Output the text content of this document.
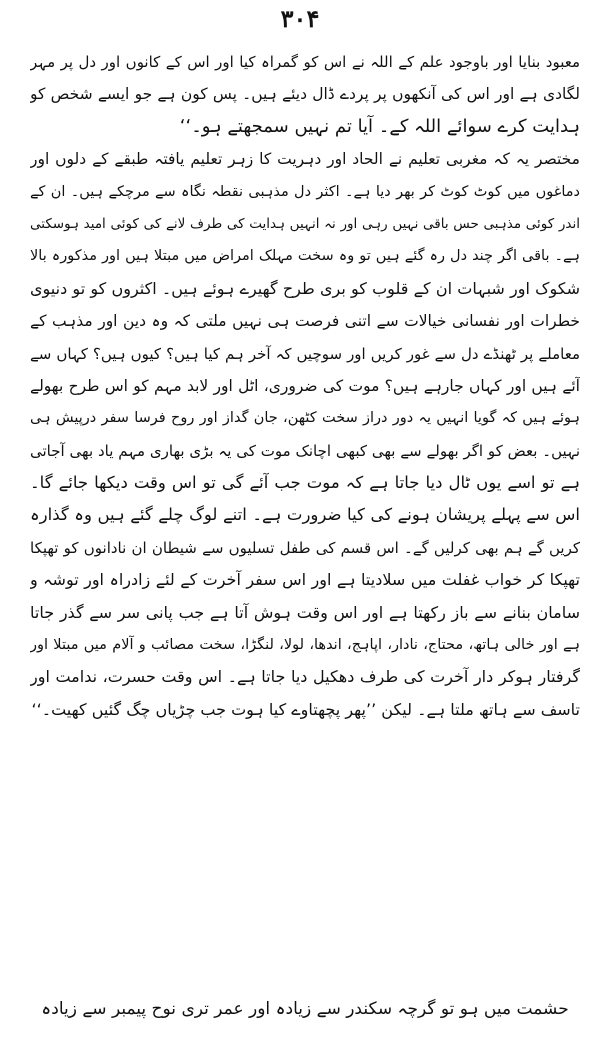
۳۰۴
معبود بنایا اور باوجود علم کے اللہ نے اس کو گمراہ کیا اور اس کے کانوں اور دل پر مہر
لگادی ہے اور اس کی آنکھوں پر پردے ڈال دیئے ہیں۔ پس کون ہے جو ایسے شخص کو
ہدایت کرے سوائے اللہ کے۔ آیا تم نہیں سمجھتے ہو۔‘‘
مختصر یہ کہ مغربی تعلیم نے الحاد اور دہریت کا زہر تعلیم یافتہ طبقے کے دلوں اور
دماغوں میں کوٹ کوٹ کر بھر دیا ہے۔ اکثر دل مذہبی نقطہ نگاہ سے مرچکے ہیں۔ ان کے
اندر کوئی مذہبی حس باقی نہیں رہی اور نہ انہیں ہدایت کی طرف لانے کی کوئی امید ہوسکتی
ہے۔ باقی اگر چند دل رہ گئے ہیں تو وہ سخت مہلک امراض میں مبتلا ہیں اور مذکورہ بالا
شکوک اور شبہات ان کے قلوب کو بری طرح گھیرے ہوئے ہیں۔ اکثروں کو تو دنیوی
خطرات اور نفسانی خیالات سے اتنی فرصت ہی نہیں ملتی کہ وہ دین اور مذہب کے
معاملے پر ٹھنڈے دل سے غور کریں اور سوچیں کہ آخر ہم کیا ہیں؟ کیوں ہیں؟ کہاں سے
آئے ہیں اور کہاں جارہے ہیں؟ موت کی ضروری، اٹل اور لابد مہم کو اس طرح بھولے
ہوئے ہیں کہ گویا انہیں یہ دور دراز سخت کٹھن، جان گداز اور روح فرسا سفر درپیش ہی
نہیں۔ بعض کو اگر بھولے سے بھی کبھی اچانک موت کی یہ بڑی بھاری مہم یاد بھی آجاتی
ہے تو اسے یوں ٹال دیا جاتا ہے کہ موت جب آئے گی تو اس وقت دیکھا جائے گا۔
اس سے پہلے پریشان ہونے کی کیا ضرورت ہے۔ اتنے لوگ چلے گئے ہیں وہ گذارہ
کریں گے ہم بھی کرلیں گے۔ اس قسم کی طفل تسلیوں سے شیطان ان نادانوں کو تھپکا
تھپکا کر خواب غفلت میں سلادیتا ہے اور اس سفر آخرت کے لئے زادراہ اور توشہ و
سامان بنانے سے باز رکھتا ہے اور اس وقت ہوش آتا ہے جب پانی سر سے گذر جاتا
ہے اور خالی ہاتھ، محتاج، نادار، اپاہج، اندھا، لولا، لنگڑا، سخت مصائب و آلام میں مبتلا اور
گرفتار ہوکر دار آخرت کی طرف دھکیل دیا جاتا ہے۔ اس وقت حسرت، ندامت اور
تاسف سے ہاتھ ملتا ہے۔ لیکن ’’پھر پچھتاوے کیا ہوت جب چڑیاں چگ گئیں کھیت۔‘‘
حشمت میں ہو تو گرچہ سکندر سے زیادہ اور عمر تری نوح پیمبر سے زیادہ
